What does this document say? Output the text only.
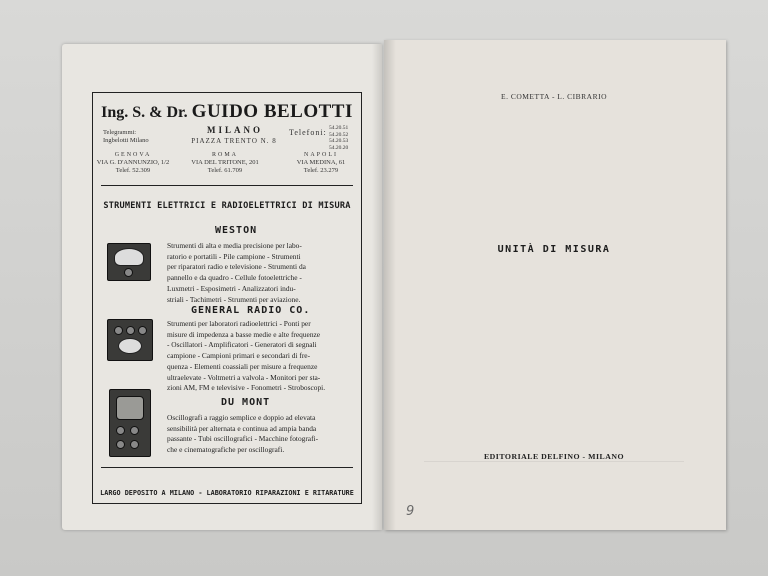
Ing. S. & Dr. GUIDO BELOTTI
Telegrammi:
Ingbelotti Milano
MILANO
PIAZZA TRENTO N. 8
Telefoni: 54.20.51
54.20.52
54.20.53
54.20.20
GENOVA
VIA G. D'ANNUNZIO, 1/2
Telef. 52.309
ROMA
VIA DEL TRITONE, 201
Telef. 61.709
NAPOLI
VIA MEDINA, 61
Telef. 23.279
STRUMENTI ELETTRICI E RADIOELETTRICI DI MISURA
WESTON
Strumenti di alta e media precisione per labo-
ratorio e portatili - Pile campione - Strumenti
per riparatori radio e televisione - Strumenti da
pannello e da quadro - Cellule fotoelettriche -
Luxmetri - Esposimetri - Analizzatori indu-
striali - Tachimetri - Strumenti per aviazione.
GENERAL RADIO CO.
Strumenti per laboratori radioelettrici - Ponti per
misure di impedenza a basse medie e alte frequenze
- Oscillatori - Amplificatori - Generatori di segnali
campione - Campioni primari e secondari di fre-
quenza - Elementi coassiali per misure a frequenze
ultraelevate - Voltmetri a valvola - Monitori per sta-
zioni AM, FM e televisive - Fonometri - Stroboscopi.
DU MONT
Oscillografi a raggio semplice e doppio ad elevata
sensibilità per alternata e continua ad ampia banda
passante - Tubi oscillografici - Macchine fotografi-
che e cinematografiche per oscillografi.
LARGO DEPOSITO A MILANO - LABORATORIO RIPARAZIONI E RITARATURE
E. COMETTA - L. CIBRARIO
UNITÀ DI MISURA
EDITORIALE DELFINO - MILANO
9
